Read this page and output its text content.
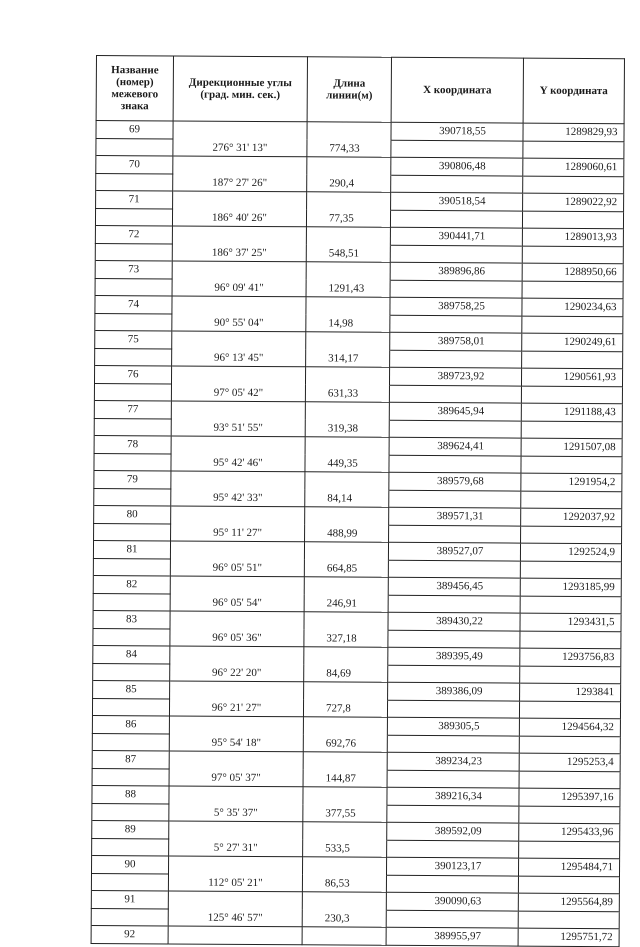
Название (номер) межевого знака	Дирекционные углы (град. мин. сек.)	Длина линии(м)	X координата	Y координата
69			390718,55	1289829,93
	276° 31' 13"	774,33		
70			390806,48	1289060,61
	187° 27' 26"	290,4		
71			390518,54	1289022,92
	186° 40' 26"	77,35		
72			390441,71	1289013,93
	186° 37' 25"	548,51		
73			389896,86	1288950,66
	96° 09' 41"	1291,43		
74			389758,25	1290234,63
	90° 55' 04"	14,98		
75			389758,01	1290249,61
	96° 13' 45"	314,17		
76			389723,92	1290561,93
	97° 05' 42"	631,33		
77			389645,94	1291188,43
	93° 51' 55"	319,38		
78			389624,41	1291507,08
	95° 42' 46"	449,35		
79			389579,68	1291954,2
	95° 42' 33"	84,14		
80			389571,31	1292037,92
	95° 11' 27"	488,99		
81			389527,07	1292524,9
	96° 05' 51"	664,85		
82			389456,45	1293185,99
	96° 05' 54"	246,91		
83			389430,22	1293431,5
	96° 05' 36"	327,18		
84			389395,49	1293756,83
	96° 22' 20"	84,69		
85			389386,09	1293841
	96° 21' 27"	727,8		
86			389305,5	1294564,32
	95° 54' 18"	692,76		
87			389234,23	1295253,4
	97° 05' 37"	144,87		
88			389216,34	1295397,16
	5° 35' 37"	377,55		
89			389592,09	1295433,96
	5° 27' 31"	533,5		
90			390123,17	1295484,71
	112° 05' 21"	86,53		
91			390090,63	1295564,89
	125° 46' 57"	230,3		
92			389955,97	1295751,72
